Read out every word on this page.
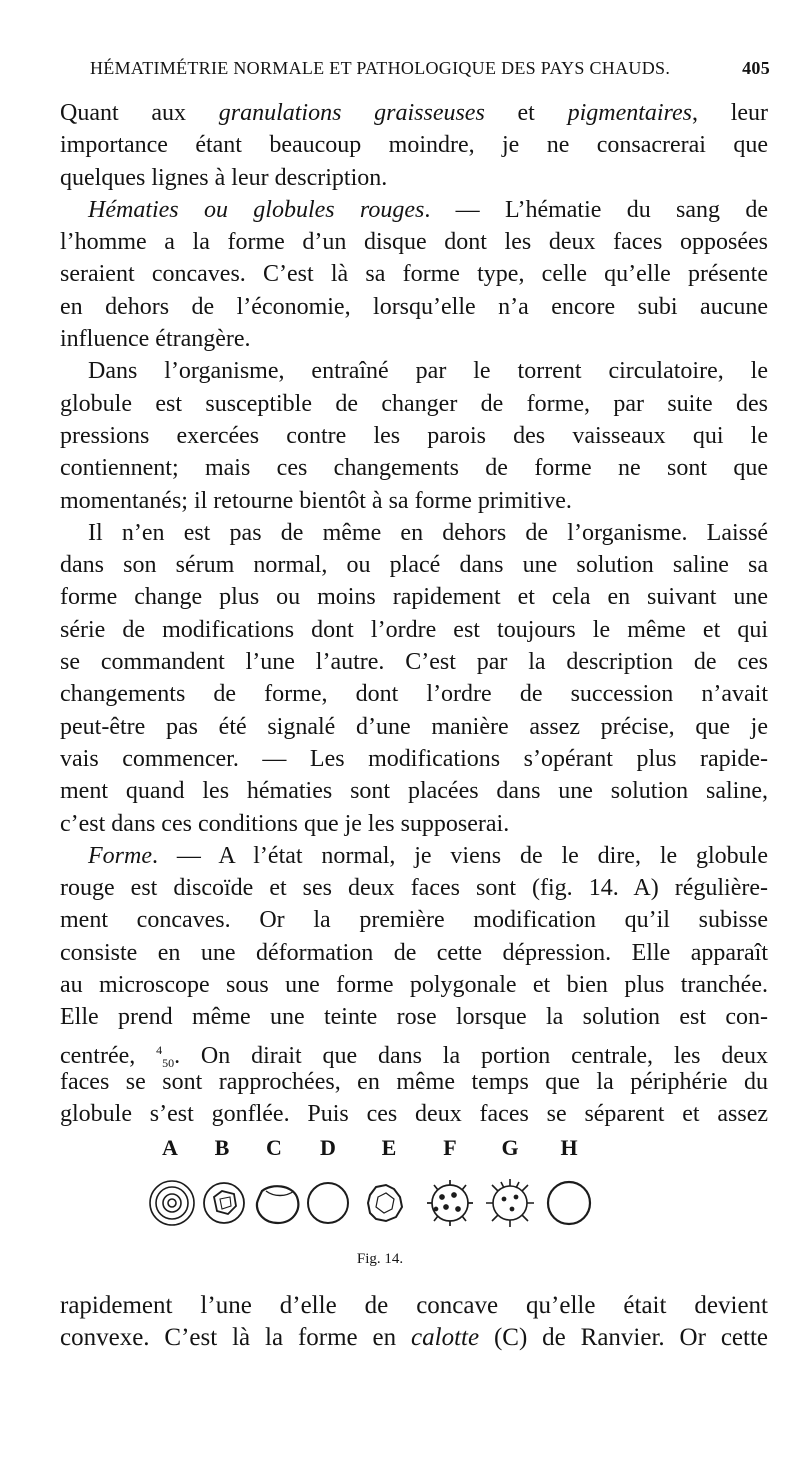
HÉMATIMÉTRIE NORMALE ET PATHOLOGIQUE DES PAYS CHAUDS.	405
Quant aux granulations graisseuses et pigmentaires, leur
importance étant beaucoup moindre, je ne consacrerai que
quelques lignes à leur description.
Hématies ou globules rouges. — L’hématie du sang de
l’homme a la forme d’un disque dont les deux faces opposées
seraient concaves. C’est là sa forme type, celle qu’elle présente
en dehors de l’économie, lorsqu’elle n’a encore subi aucune
influence étrangère.
Dans l’organisme, entraîné par le torrent circulatoire, le
globule est susceptible de changer de forme, par suite des
pressions exercées contre les parois des vaisseaux qui le
contiennent; mais ces changements de forme ne sont que
momentanés; il retourne bientôt à sa forme primitive.
Il n’en est pas de même en dehors de l’organisme. Laissé
dans son sérum normal, ou placé dans une solution saline sa
forme change plus ou moins rapidement et cela en suivant une
série de modifications dont l’ordre est toujours le même et qui
se commandent l’une l’autre. C’est par la description de ces
changements de forme, dont l’ordre de succession n’avait
peut-être pas été signalé d’une manière assez précise, que je
vais commencer. — Les modifications s’opérant plus rapide-
ment quand les hématies sont placées dans une solution saline,
c’est dans ces conditions que je les supposerai.
Forme. — A l’état normal, je viens de le dire, le globule
rouge est discoïde et ses deux faces sont (fig. 14. A) régulière-
ment concaves. Or la première modification qu’il subisse
consiste en une déformation de cette dépression. Elle apparaît
au microscope sous une forme polygonale et bien plus tranchée.
Elle prend même une teinte rose lorsque la solution est con-
centrée, $^4_{50}$. On dirait que dans la portion centrale, les deux
faces se sont rapprochées, en même temps que la périphérie du
globule s’est gonflée. Puis ces deux faces se séparent et assez
A	B	C	D	E	F	G	H
Fig. 14.
rapidement l’une d’elle de concave qu’elle était devient
convexe. C’est là la forme en calotte (C) de Ranvier. Or cette
